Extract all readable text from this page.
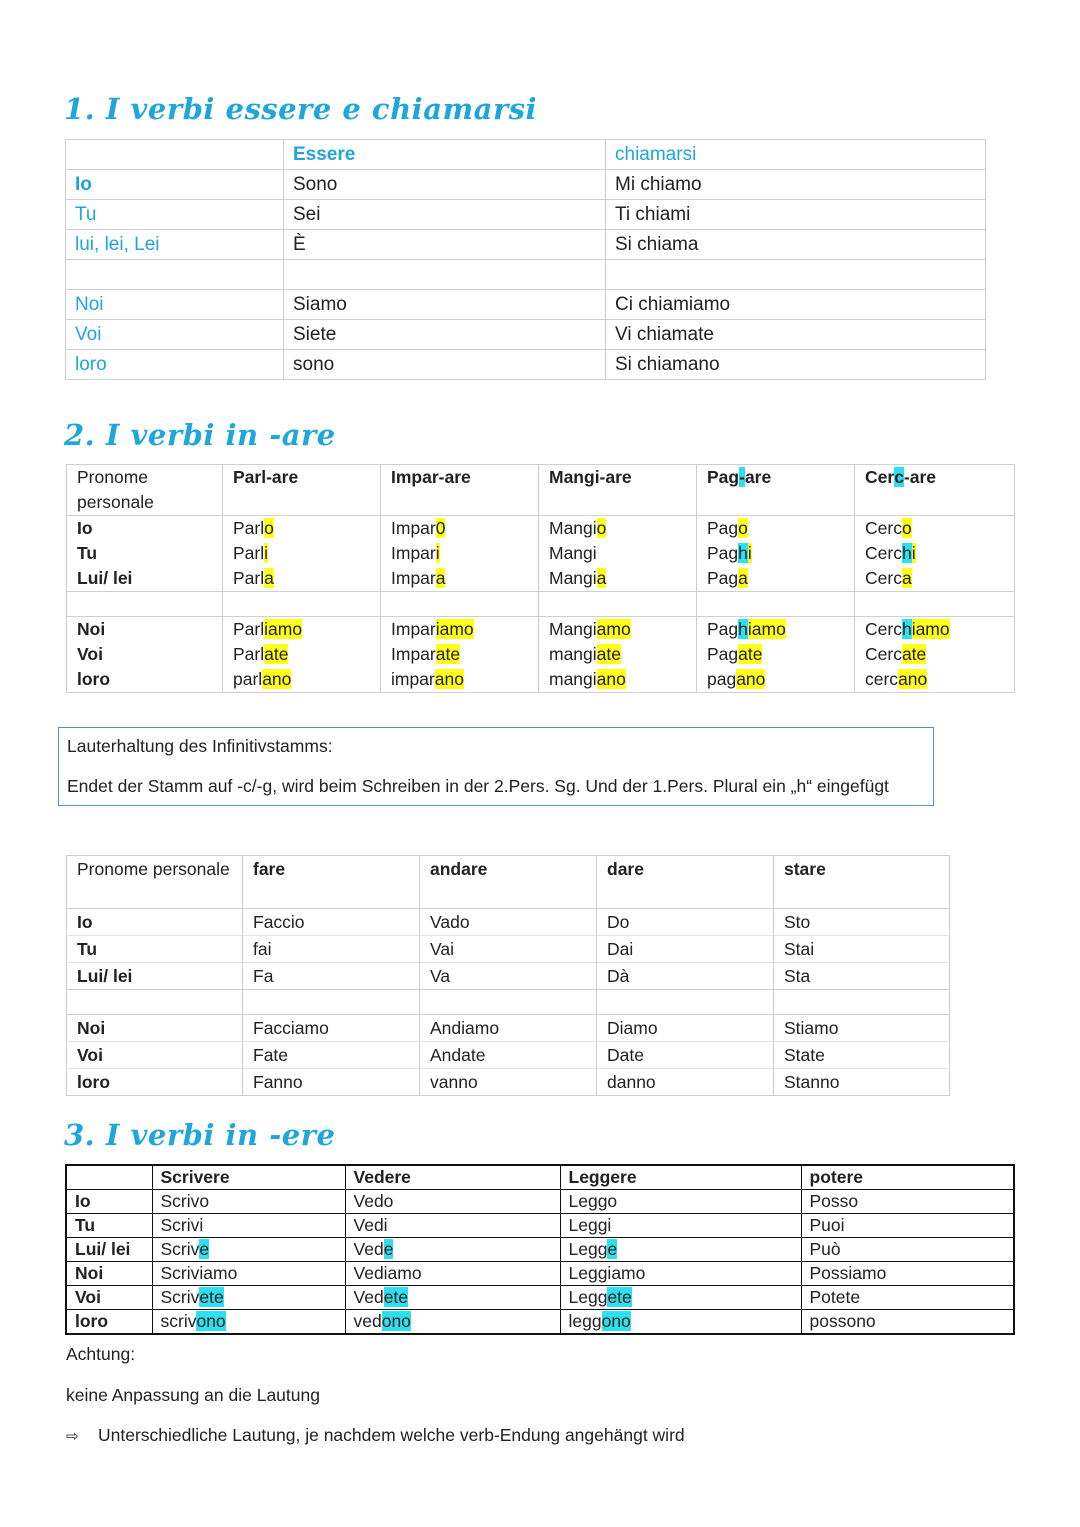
1. I verbi essere e chiamarsi
	Essere	chiamarsi
Io	Sono	Mi chiamo
Tu	Sei	Ti chiami
lui, lei, Lei	È	Si chiama

Noi	Siamo	Ci chiamiamo
Voi	Siete	Vi chiamate
loro	sono	Si chiamano
2. I verbi in -are
Pronome personale	Parl-are	Impar-are	Mangi-are	Pag-are	Cerc-are
Io	Parlo	Impar0	Mangio	Pago	Cerco
Tu	Parli	Impari	Mangi	Paghi	Cerchi
Lui/ lei	Parla	Impara	Mangia	Paga	Cerca

Noi	Parliamo	Impariamo	Mangiamo	Paghiamo	Cerchiamo
Voi	Parlate	Imparate	mangiate	Pagate	Cercate
loro	parlano	imparano	mangiano	pagano	cercano

Lauterhaltung des Infinitivstamms:

Endet der Stamm auf -c/-g, wird beim Schreiben in der 2.Pers. Sg. Und der 1.Pers. Plural ein „h“ eingefügt

Pronome personale	fare	andare	dare	stare
Io	Faccio	Vado	Do	Sto
Tu	fai	Vai	Dai	Stai
Lui/ lei	Fa	Va	Dà	Sta

Noi	Facciamo	Andiamo	Diamo	Stiamo
Voi	Fate	Andate	Date	State
loro	Fanno	vanno	danno	Stanno
3. I verbi in -ere
	Scrivere	Vedere	Leggere	potere
Io	Scrivo	Vedo	Leggo	Posso
Tu	Scrivi	Vedi	Leggi	Puoi
Lui/ lei	Scrive	Vede	Legge	Può
Noi	Scriviamo	Vediamo	Leggiamo	Possiamo
Voi	Scrivete	Vedete	Leggete	Potete
loro	scrivono	vedono	leggono	possono
Achtung:
keine Anpassung an die Lautung
⇨ Unterschiedliche Lautung, je nachdem welche verb-Endung angehängt wird
